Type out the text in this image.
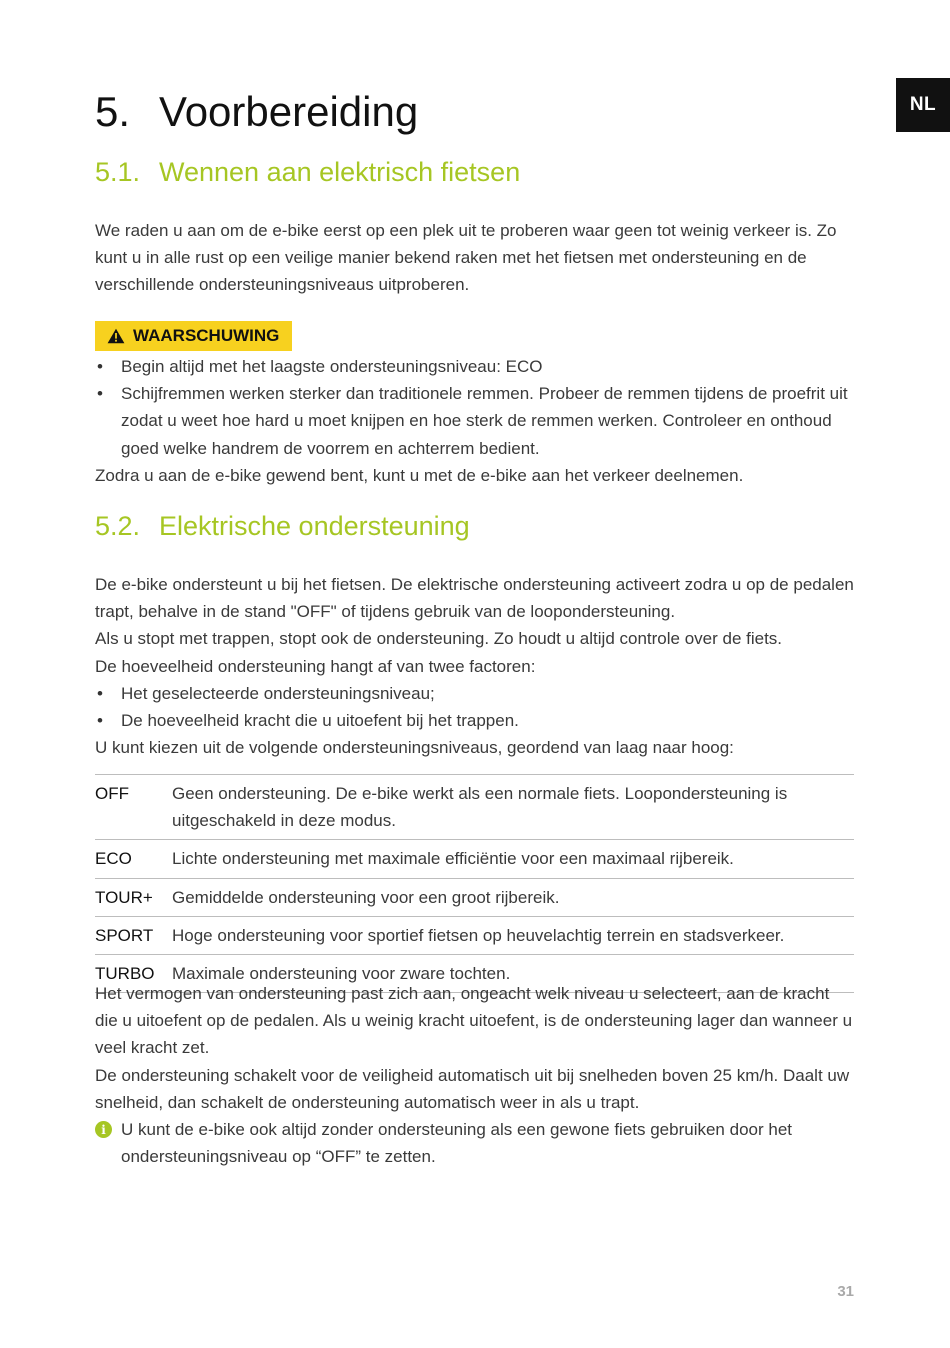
NL
5. Voorbereiding
5.1. Wennen aan elektrisch fietsen

We raden u aan om de e-bike eerst op een plek uit te proberen waar geen tot weinig verkeer is. Zo kunt u in alle rust op een veilige manier bekend raken met het fietsen met ondersteuning en de verschillende ondersteuningsniveaus uitproberen.

WAARSCHUWING
• Begin altijd met het laagste ondersteuningsniveau: ECO
• Schijfremmen werken sterker dan traditionele remmen. Probeer de remmen tijdens de proefrit uit zodat u weet hoe hard u moet knijpen en hoe sterk de remmen werken. Controleer en onthoud goed welke handrem de voorrem en achterrem bedient.

Zodra u aan de e-bike gewend bent, kunt u met de e-bike aan het verkeer deelnemen.

5.2. Elektrische ondersteuning

De e-bike ondersteunt u bij het fietsen. De elektrische ondersteuning activeert zodra u op de pedalen trapt, behalve in de stand "OFF" of tijdens gebruik van de loopondersteuning.

Als u stopt met trappen, stopt ook de ondersteuning. Zo houdt u altijd controle over de fiets.

De hoeveelheid ondersteuning hangt af van twee factoren:

• Het geselecteerde ondersteuningsniveau;
• De hoeveelheid kracht die u uitoefent bij het trappen.

U kunt kiezen uit de volgende ondersteuningsniveaus, geordend van laag naar hoog:

OFF	Geen ondersteuning. De e-bike werkt als een normale fiets. Loopondersteuning is uitgeschakeld in deze modus.
ECO	Lichte ondersteuning met maximale efficiëntie voor een maximaal rijbereik.
TOUR+	Gemiddelde ondersteuning voor een groot rijbereik.
SPORT	Hoge ondersteuning voor sportief fietsen op heuvelachtig terrein en stadsverkeer.
TURBO	Maximale ondersteuning voor zware tochten.

Het vermogen van ondersteuning past zich aan, ongeacht welk niveau u selecteert, aan de kracht die u uitoefent op de pedalen. Als u weinig kracht uitoefent, is de ondersteuning lager dan wanneer u veel kracht zet.

De ondersteuning schakelt voor de veiligheid automatisch uit bij snelheden boven 25 km/h. Daalt uw snelheid, dan schakelt de ondersteuning automatisch weer in als u trapt.

i U kunt de e-bike ook altijd zonder ondersteuning als een gewone fiets gebruiken door het ondersteuningsniveau op “OFF” te zetten.
31
